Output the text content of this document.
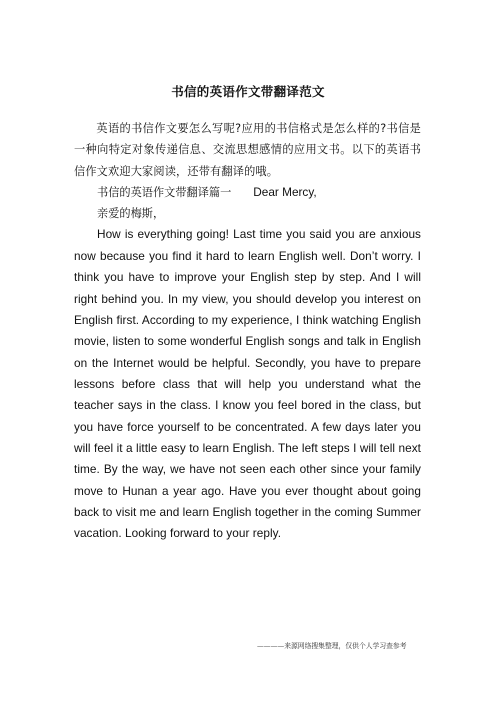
书信的英语作文带翻译范文

英语的书信作文要怎么写呢?应用的书信格式是怎么样的?书信是一种向特定对象传递信息、交流思想感情的应用文书。以下的英语书信作文欢迎大家阅读，还带有翻译的哦。

书信的英语作文带翻译篇一 Dear Mercy,

亲爱的梅斯，

How is everything going! Last time you said you are anxious now because you find it hard to learn English well. Don’t worry. I think you have to improve your English step by step. And I will right behind you. In my view, you should develop you interest on English first. According to my experience, I think watching English movie, listen to some wonderful English songs and talk in English on the Internet would be helpful. Secondly, you have to prepare lessons before class that will help you understand what the teacher says in the class. I know you feel bored in the class, but you have force yourself to be concentrated. A few days later you will feel it a little easy to learn English. The left steps I will tell next time. By the way, we have not seen each other since your family move to Hunan a year ago. Have you ever thought about going back to visit me and learn English together in the coming Summer vacation. Looking forward to your reply.

————来源网络搜集整理，仅供个人学习查参考
